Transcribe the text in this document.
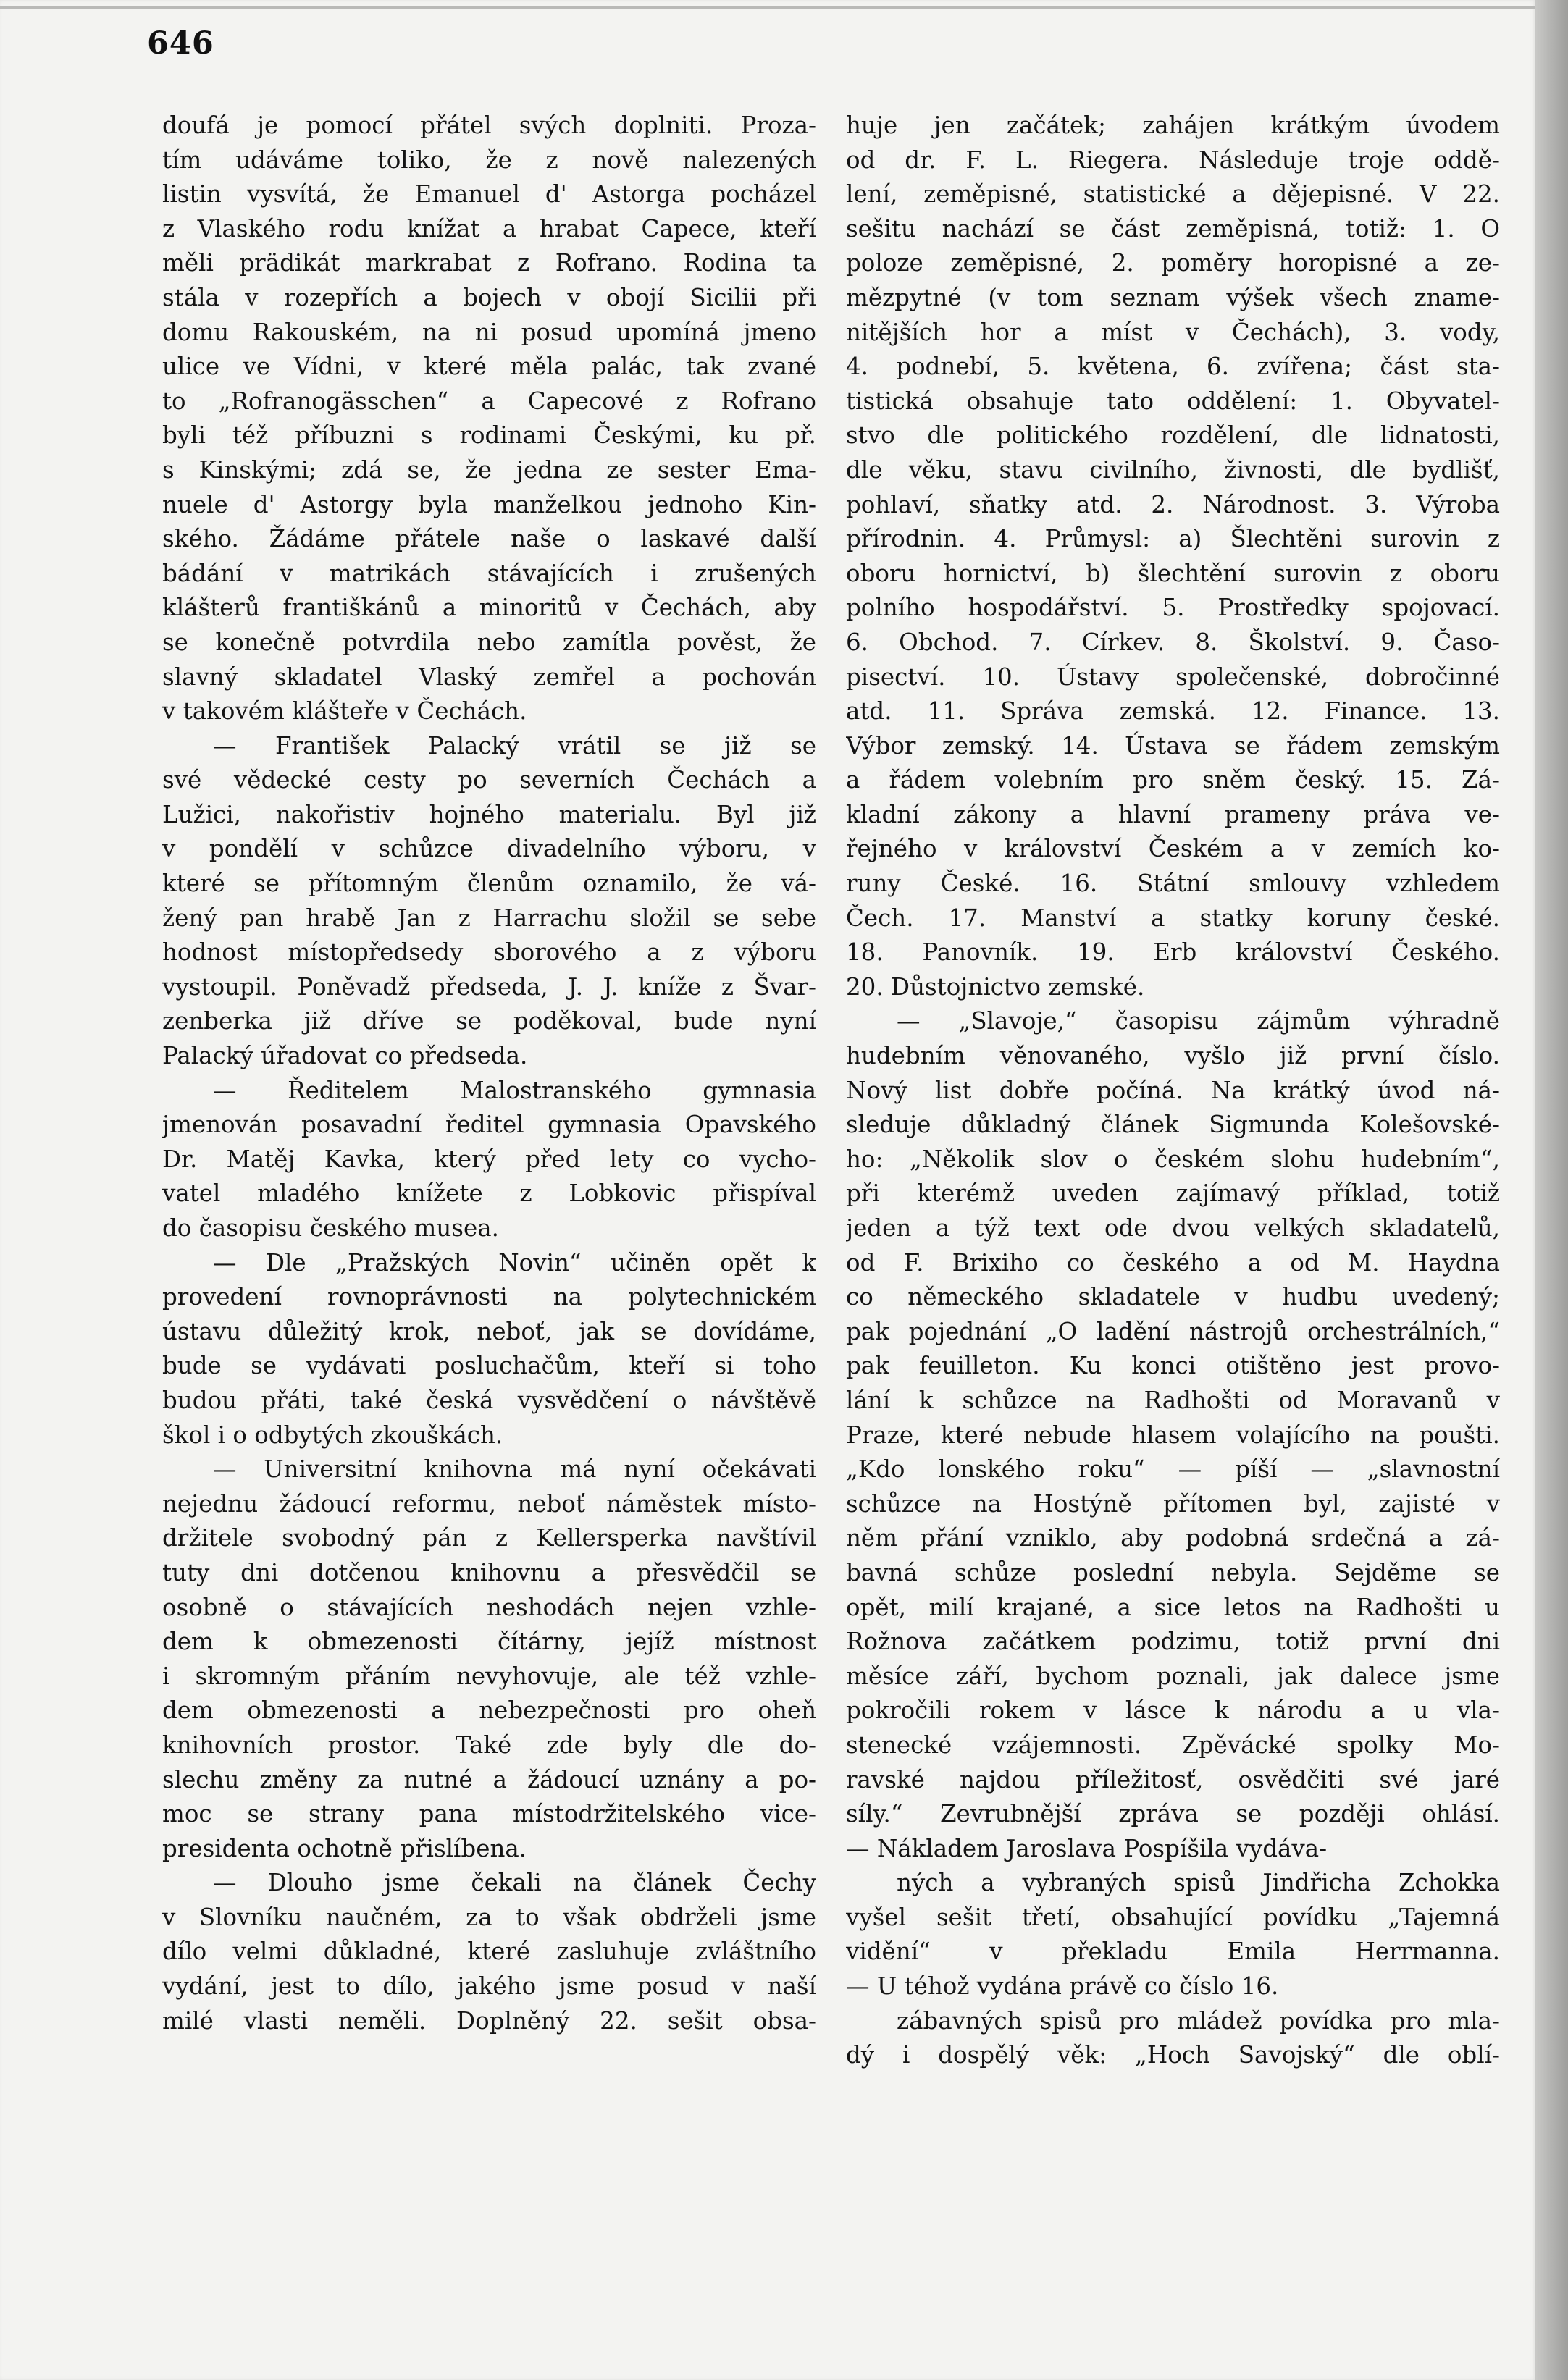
646
doufá je pomocí přátel svých doplniti. Proza-
tím udáváme toliko, že z nově nalezených
listin vysvítá, že Emanuel d' Astorga pocházel
z Vlaského rodu knížat a hrabat Capece, kteří
měli prädikát markrabat z Rofrano. Rodina ta
stála v rozepřích a bojech v obojí Sicilii při
domu Rakouském, na ni posud upomíná jmeno
ulice ve Vídni, v které měla palác, tak zvané
to „Rofranogässchen“ a Capecové z Rofrano
byli též příbuzni s rodinami Českými, ku př.
s Kinskými; zdá se, že jedna ze sester Ema-
nuele d' Astorgy byla manželkou jednoho Kin-
ského. Žádáme přátele naše o laskavé další
bádání v matrikách stávajících i zrušených
klášterů františkánů a minoritů v Čechách, aby
se konečně potvrdila nebo zamítla pověst, že
slavný skladatel Vlaský zemřel a pochován
v takovém klášteře v Čechách.
— František Palacký vrátil se již se
své vědecké cesty po severních Čechách a
Lužici, nakořistiv hojného materialu. Byl již
v pondělí v schůzce divadelního výboru, v
které se přítomným členům oznamilo, že vá-
žený pan hrabě Jan z Harrachu složil se sebe
hodnost místopředsedy sborového a z výboru
vystoupil. Poněvadž předseda, J. J. kníže z Švar-
zenberka již dříve se poděkoval, bude nyní
Palacký úřadovat co předseda.
— Ředitelem Malostranského gymnasia
jmenován posavadní ředitel gymnasia Opavského
Dr. Matěj Kavka, který před lety co vycho-
vatel mladého knížete z Lobkovic přispíval
do časopisu českého musea.
— Dle „Pražských Novin“ učiněn opět k
provedení rovnoprávnosti na polytechnickém
ústavu důležitý krok, neboť, jak se dovídáme,
bude se vydávati posluchačům, kteří si toho
budou přáti, také česká vysvědčení o návštěvě
škol i o odbytých zkouškách.
— Universitní knihovna má nyní očekávati
nejednu žádoucí reformu, neboť náměstek místo-
držitele svobodný pán z Kellersperka navštívil
tuty dni dotčenou knihovnu a přesvědčil se
osobně o stávajících neshodách nejen vzhle-
dem k obmezenosti čítárny, jejíž místnost
i skromným přáním nevyhovuje, ale též vzhle-
dem obmezenosti a nebezpečnosti pro oheň
knihovních prostor. Také zde byly dle do-
slechu změny za nutné a žádoucí uznány a po-
moc se strany pana místodržitelského vice-
presidenta ochotně přislíbena.
— Dlouho jsme čekali na článek Čechy
v Slovníku naučném, za to však obdrželi jsme
dílo velmi důkladné, které zasluhuje zvláštního
vydání, jest to dílo, jakého jsme posud v naší
milé vlasti neměli. Doplněný 22. sešit obsa-
huje jen začátek; zahájen krátkým úvodem
od dr. F. L. Riegera. Následuje troje oddě-
lení, zeměpisné, statistické a dějepisné. V 22.
sešitu nachází se část zeměpisná, totiž: 1. O
poloze zeměpisné, 2. poměry horopisné a ze-
mězpytné (v tom seznam výšek všech zname-
nitějších hor a míst v Čechách), 3. vody,
4. podnebí, 5. květena, 6. zvířena; část sta-
tistická obsahuje tato oddělení: 1. Obyvatel-
stvo dle politického rozdělení, dle lidnatosti,
dle věku, stavu civilního, živnosti, dle bydlišť,
pohlaví, sňatky atd. 2. Národnost. 3. Výroba
přírodnin. 4. Průmysl: a) Šlechtěni surovin z
oboru hornictví, b) šlechtění surovin z oboru
polního hospodářství. 5. Prostředky spojovací.
6. Obchod. 7. Církev. 8. Školství. 9. Časo-
pisectví. 10. Ústavy společenské, dobročinné
atd. 11. Správa zemská. 12. Finance. 13.
Výbor zemský. 14. Ústava se řádem zemským
a řádem volebním pro sněm český. 15. Zá-
kladní zákony a hlavní prameny práva ve-
řejného v království Českém a v zemích ko-
runy České. 16. Státní smlouvy vzhledem
Čech. 17. Manství a statky koruny české.
18. Panovník. 19. Erb království Českého.
20. Důstojnictvo zemské.
— „Slavoje,“ časopisu zájmům výhradně
hudebním věnovaného, vyšlo již první číslo.
Nový list dobře počíná. Na krátký úvod ná-
sleduje důkladný článek Sigmunda Kolešovské-
ho: „Několik slov o českém slohu hudebním“,
při kterémž uveden zajímavý příklad, totiž
jeden a týž text ode dvou velkých skladatelů,
od F. Brixiho co českého a od M. Haydna
co německého skladatele v hudbu uvedený;
pak pojednání „O ladění nástrojů orchestrálních,“
pak feuilleton. Ku konci otištěno jest provo-
lání k schůzce na Radhošti od Moravanů v
Praze, které nebude hlasem volajícího na poušti.
„Kdo lonského roku“ — píší — „slavnostní
schůzce na Hostýně přítomen byl, zajisté v
něm přání vzniklo, aby podobná srdečná a zá-
bavná schůze poslední nebyla. Sejděme se
opět, milí krajané, a sice letos na Radhošti u
Rožnova začátkem podzimu, totiž první dni
měsíce září, bychom poznali, jak dalece jsme
pokročili rokem v lásce k národu a u vla-
stenecké vzájemnosti. Zpěvácké spolky Mo-
ravské najdou příležitosť, osvědčiti své jaré
síly.“ Zevrubnější zpráva se později ohlásí.
— Nákladem Jaroslava Pospíšila vydáva-
ných a vybraných spisů Jindřicha Zchokka
vyšel sešit třetí, obsahující povídku „Tajemná
vidění“ v překladu Emila Herrmanna.
— U téhož vydána právě co číslo 16.
zábavných spisů pro mládež povídka pro mla-
dý i dospělý věk: „Hoch Savojský“ dle oblí-
